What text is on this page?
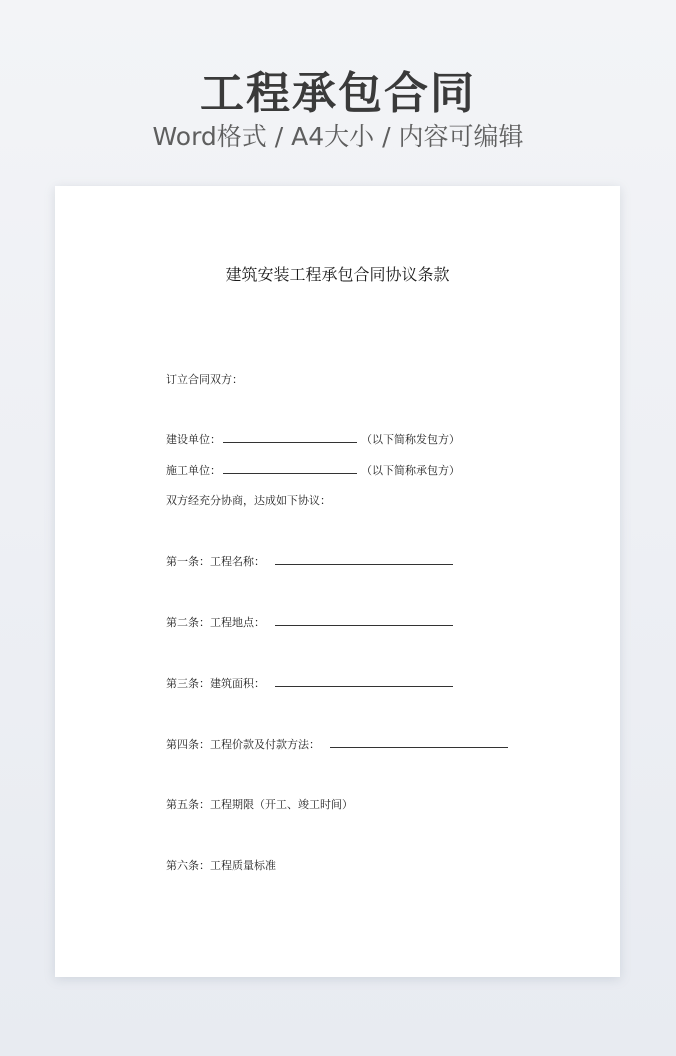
工程承包合同
Word格式 / A4大小 / 内容可编辑
建筑安装工程承包合同协议条款
订立合同双方：
建设单位：	（以下简称发包方）
施工单位：	（以下简称承包方）
双方经充分协商，达成如下协议：
第一条：工程名称：
第二条：工程地点：
第三条：建筑面积：
第四条：工程价款及付款方法：
第五条：工程期限（开工、竣工时间）
第六条：工程质量标准
